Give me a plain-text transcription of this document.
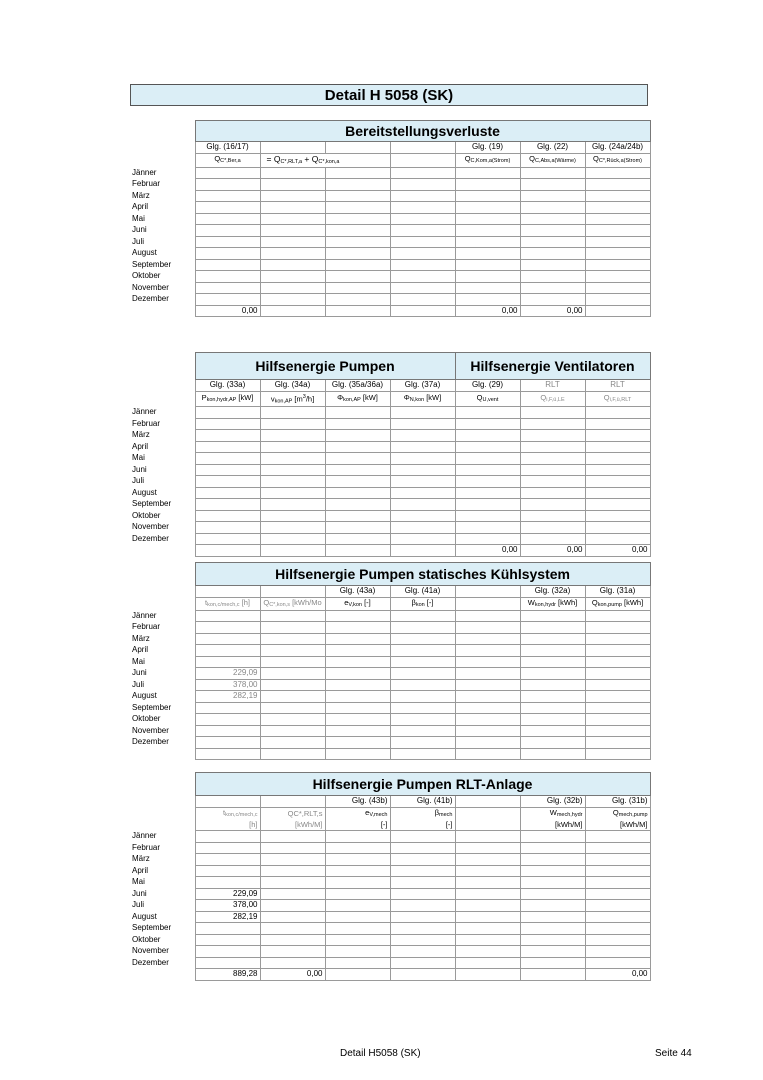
Detail H 5058 (SK)
	Bereitstellungsverluste						
	Glg. (16/17)				Glg. (19)	Glg. (22)	Glg. (24a/24b)
	$Q_{C*,Ber,a}$	= $Q_{C*,RLT,a} + Q_{C*,kon,a}$			$Q_{C,Kom,a(Strom)}$	$Q_{C,Abs,a(Wärme)}$	$Q_{C*,Rück,a(Strom)}$
Jänner							
Februar							
März							
April							
Mai							
Juni							
Juli							
August							
September							
Oktober							
November							
Dezember							
	0,00				0,00	0,00	
	Hilfsenergie Pumpen				Hilfsenergie Ventilatoren		
	Glg. (33a)	Glg. (34a)	Glg. (35a/36a)	Glg. (37a)	Glg. (29)	RLT	RLT
	$P_{kon,hydr,AP}$ [kW]	$v_{kon,AP}$ $[m^3/h]$	$\Phi_{kon,AP}$ [kW]	$\Phi_{N,kon}$ [kW]	$Q_{U,vent}$	$Q_{i,F,ü,LE}$	$Q_{i,F,ü,RLT}$
Jänner							
Februar							
März							
April							
Mai							
Juni							
Juli							
August							
September							
Oktober							
November							
Dezember							
					0,00	0,00	0,00
	Hilfsenergie Pumpen statisches Kühlsystem						
			Glg. (43a)	Glg. (41a)		Glg. (32a)	Glg. (31a)
	$t_{kon,c/mech,c}$ [h]	$Q_{C*,kon,s}$ [kWh/Mo	$e_{V,kon}$ [-]	$\beta_{kon}$ [-]		$W_{kon,hydr}$ [kWh]	$Q_{kon,pump}$ [kWh]
Jänner							
Februar							
März							
April							
Mai							
Juni	229,09						
Juli	378,00						
August	282,19						
September							
Oktober							
November							
Dezember							

	Hilfsenergie Pumpen RLT-Anlage						
			Glg. (43b)	Glg. (41b)		Glg. (32b)	Glg. (31b)
	$t_{kon,c/mech,c}$	QC*,RLT,s	$e_{V,mech}$	$\beta_{mech}$		$W_{mech,hydr}$	$Q_{mech,pump}$
	[h]	[kWh/M]	[-]	[-]		[kWh/M]	[kWh/M]
Jänner							
Februar							
März							
April							
Mai							
Juni	229,09						
Juli	378,00						
August	282,19						
September							
Oktober							
November							
Dezember							
	889,28	0,00					0,00
Detail H5058 (SK)	Seite 44
